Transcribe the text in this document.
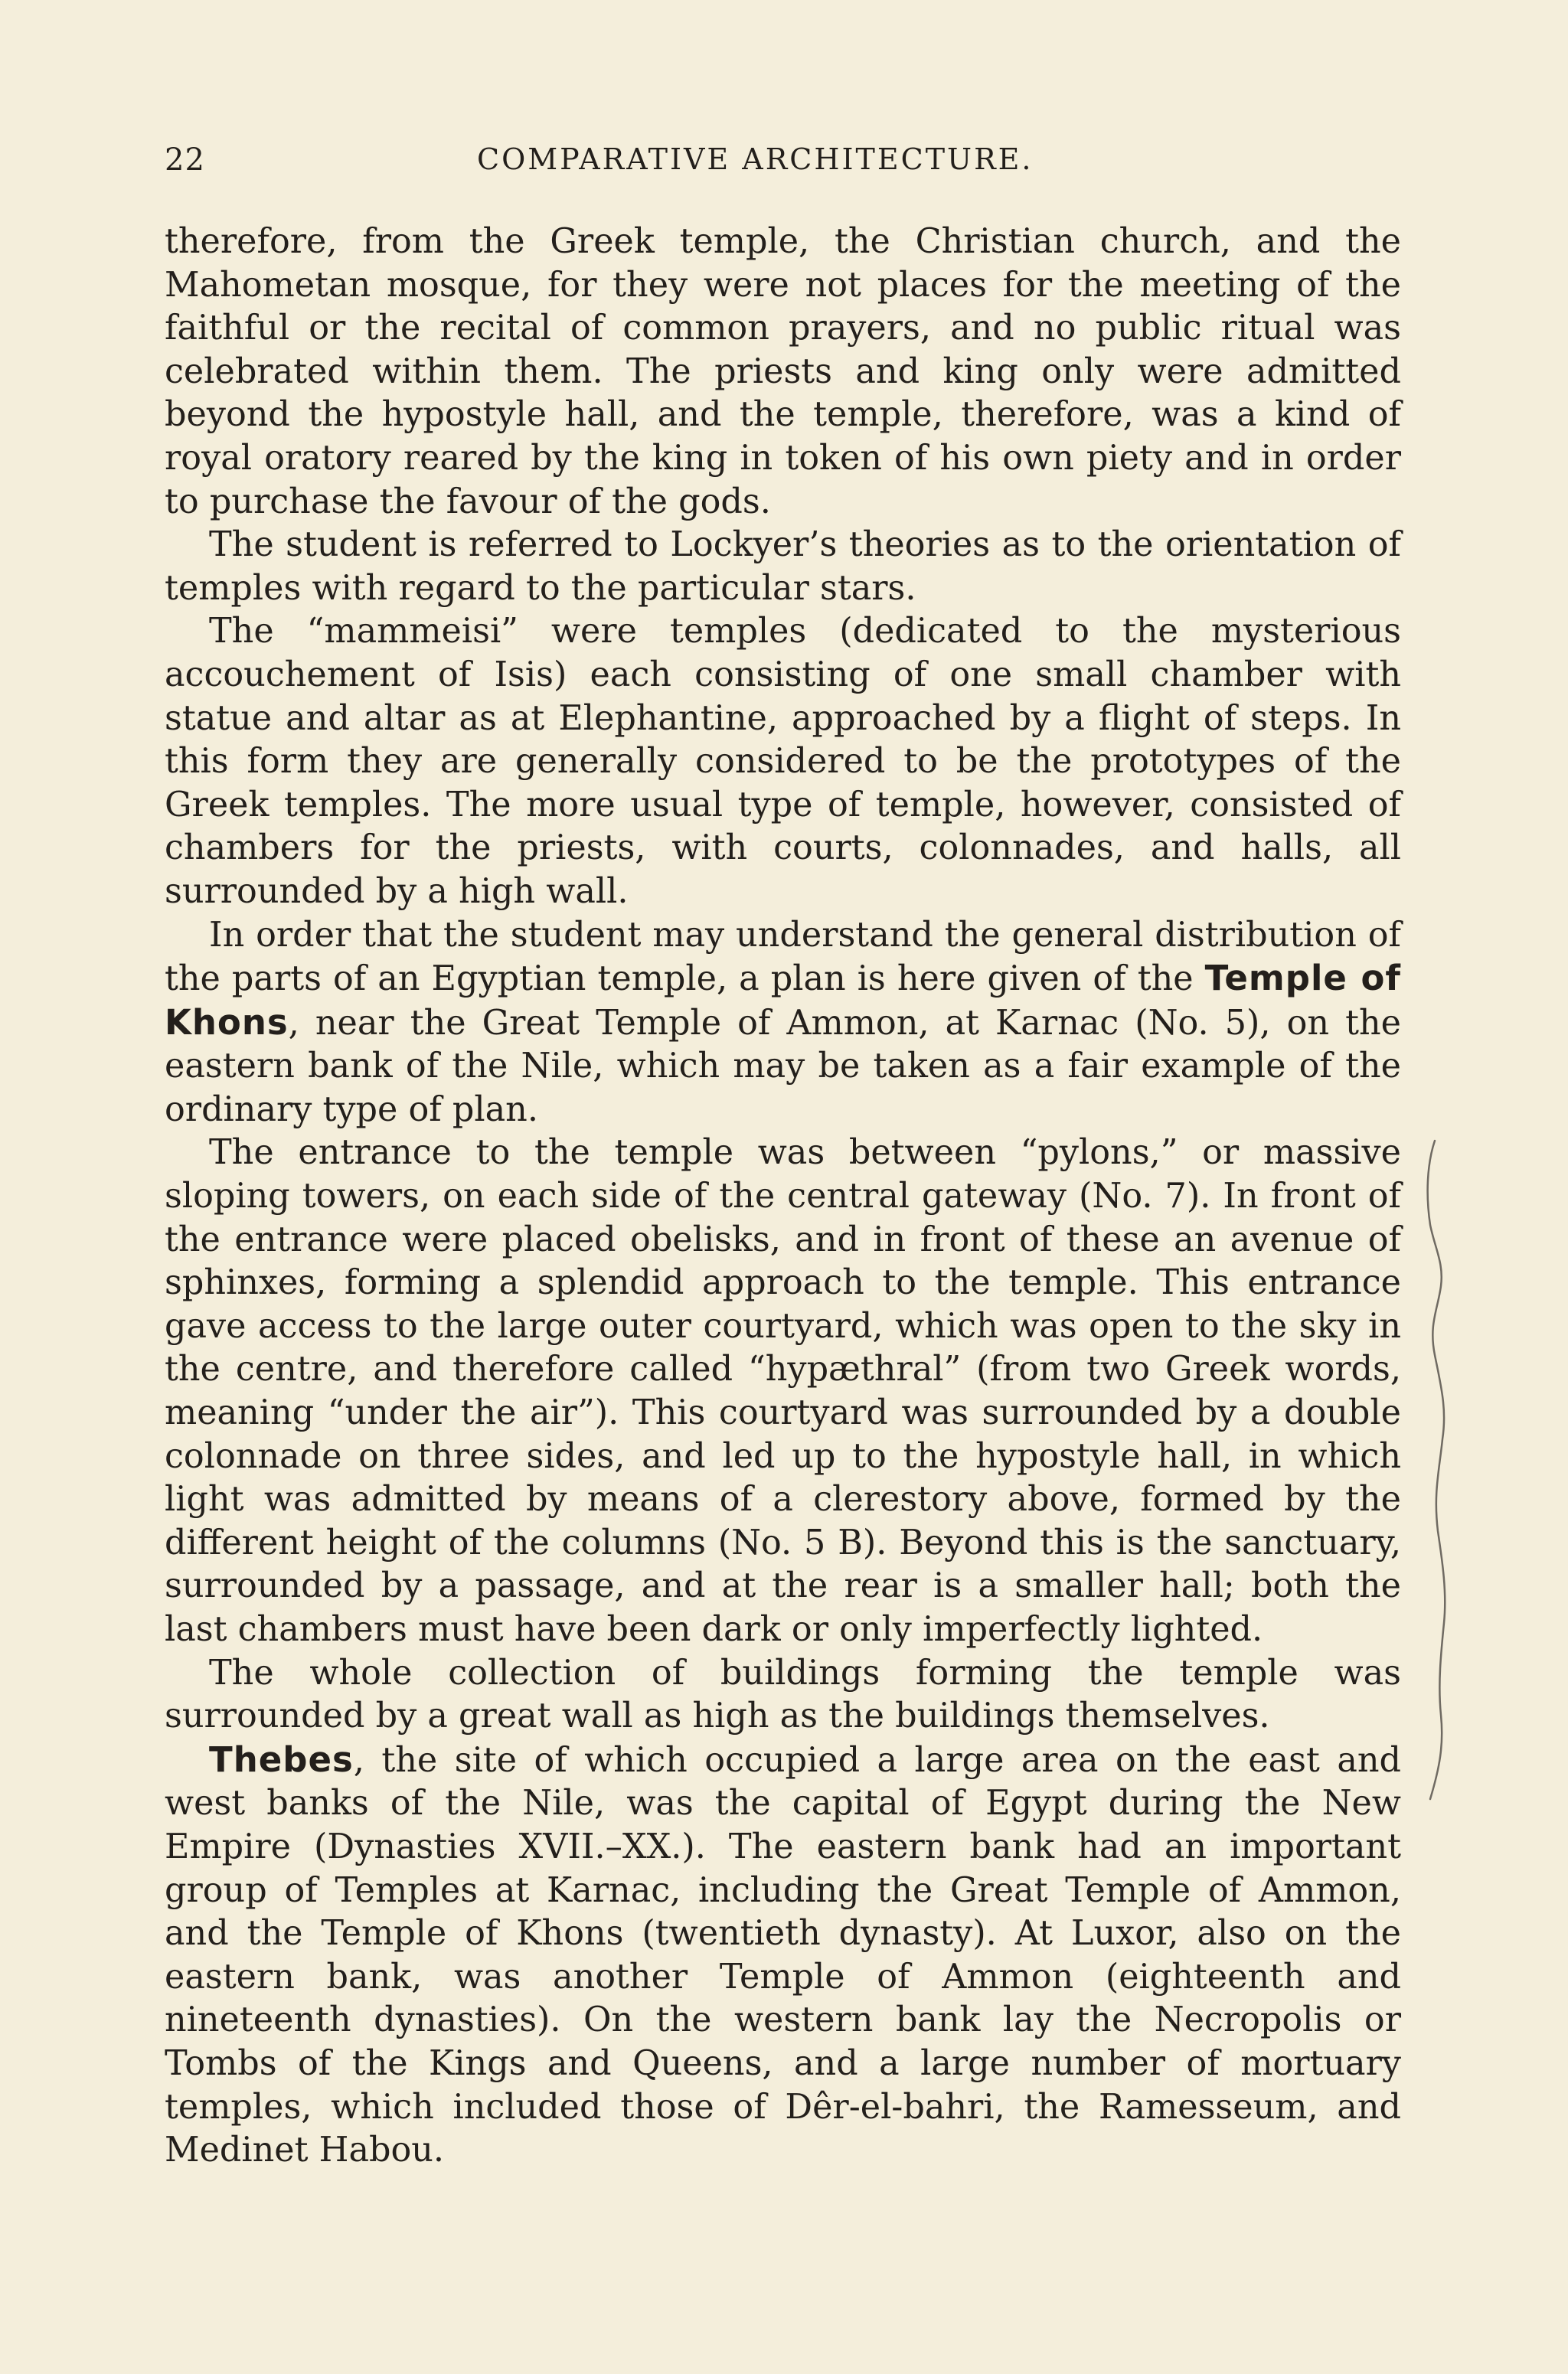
22	COMPARATIVE ARCHITECTURE.

therefore, from the Greek temple, the Christian church, and the Mahometan mosque, for they were not places for the meeting of the faithful or the recital of common prayers, and no public ritual was celebrated within them. The priests and king only were admitted beyond the hypostyle hall, and the temple, therefore, was a kind of royal oratory reared by the king in token of his own piety and in order to purchase the favour of the gods.

The student is referred to Lockyer’s theories as to the orientation of temples with regard to the particular stars.

The “mammeisi” were temples (dedicated to the mysterious accouchement of Isis) each consisting of one small chamber with statue and altar as at Elephantine, approached by a flight of steps. In this form they are generally considered to be the prototypes of the Greek temples. The more usual type of temple, however, consisted of chambers for the priests, with courts, colonnades, and halls, all surrounded by a high wall.

In order that the student may understand the general distribution of the parts of an Egyptian temple, a plan is here given of the Temple of Khons, near the Great Temple of Ammon, at Karnac (No. 5), on the eastern bank of the Nile, which may be taken as a fair example of the ordinary type of plan.

The entrance to the temple was between “pylons,” or massive sloping towers, on each side of the central gateway (No. 7). In front of the entrance were placed obelisks, and in front of these an avenue of sphinxes, forming a splendid approach to the temple. This entrance gave access to the large outer courtyard, which was open to the sky in the centre, and therefore called “hypæthral” (from two Greek words, meaning “under the air”). This courtyard was surrounded by a double colonnade on three sides, and led up to the hypostyle hall, in which light was admitted by means of a clerestory above, formed by the different height of the columns (No. 5 B). Beyond this is the sanctuary, surrounded by a passage, and at the rear is a smaller hall; both the last chambers must have been dark or only imperfectly lighted.

The whole collection of buildings forming the temple was surrounded by a great wall as high as the buildings themselves.

Thebes, the site of which occupied a large area on the east and west banks of the Nile, was the capital of Egypt during the New Empire (Dynasties XVII.–XX.). The eastern bank had an important group of Temples at Karnac, including the Great Temple of Ammon, and the Temple of Khons (twentieth dynasty). At Luxor, also on the eastern bank, was another Temple of Ammon (eighteenth and nineteenth dynasties). On the western bank lay the Necropolis or Tombs of the Kings and Queens, and a large number of mortuary temples, which included those of Dêr-el-bahri, the Ramesseum, and Medinet Habou.
